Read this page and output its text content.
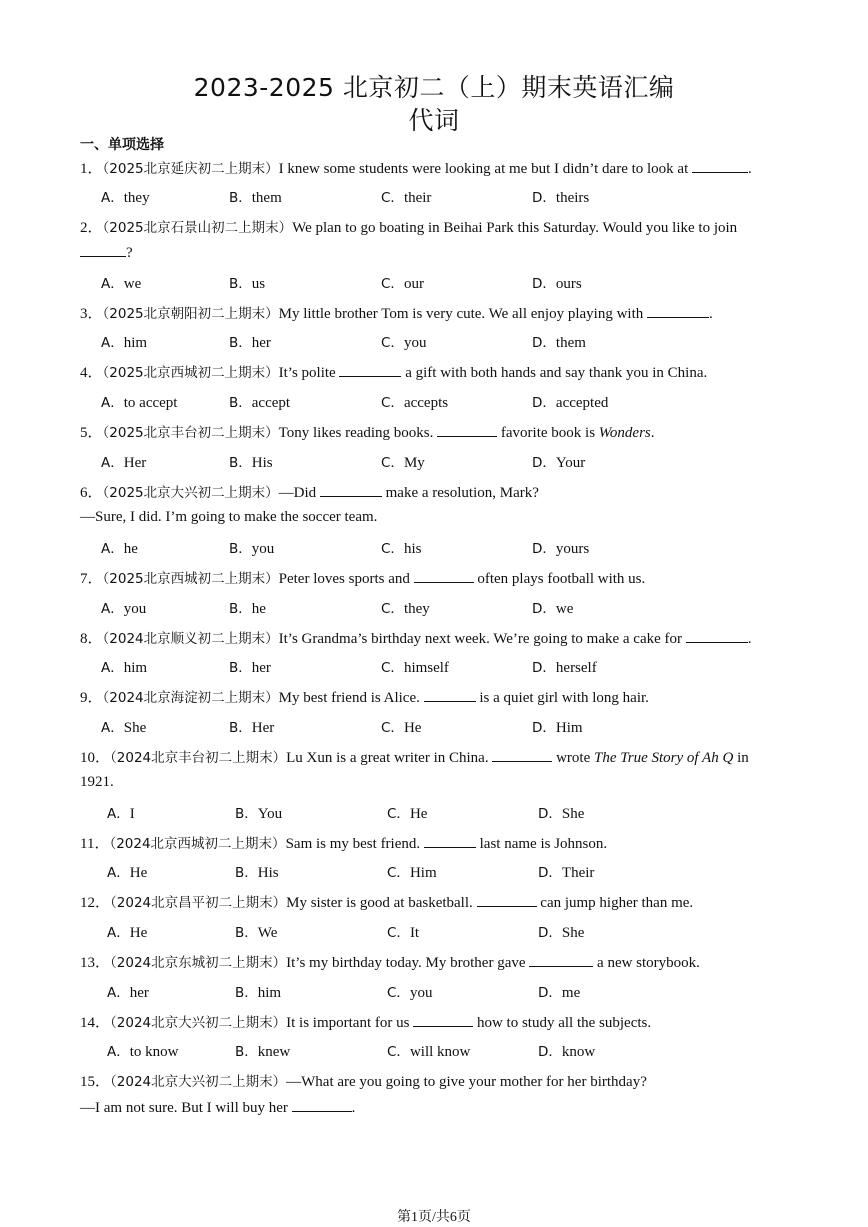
2023-2025 北京初二（上）期末英语汇编
代词
一、单项选择
1．（2025北京延庆初二上期末）I knew some students were looking at me but I didn’t dare to look at	.
A．they	B．them	C．their	D．theirs
2．（2025北京石景山初二上期末）We plan to go boating in Beihai Park this Saturday. Would you like to join
?
A．we	B．us	C．our	D．ours
3．（2025北京朝阳初二上期末）My little brother Tom is very cute. We all enjoy playing with	.
A．him	B．her	C．you	D．them
4．（2025北京西城初二上期末）It’s polite	a gift with both hands and say thank you in China.
A．to accept	B．accept	C．accepts	D．accepted
5．（2025北京丰台初二上期末）Tony likes reading books.	favorite book is Wonders.
A．Her	B．His	C．My	D．Your
6．（2025北京大兴初二上期末）—Did	make a resolution, Mark?
—Sure, I did. I’m going to make the soccer team.
A．he	B．you	C．his	D．yours
7．（2025北京西城初二上期末）Peter loves sports and	often plays football with us.
A．you	B．he	C．they	D．we
8．（2024北京顺义初二上期末）It’s Grandma’s birthday next week. We’re going to make a cake for	.
A．him	B．her	C．himself	D．herself
9．（2024北京海淀初二上期末）My best friend is Alice.	is a quiet girl with long hair.
A．She	B．Her	C．He	D．Him
10．（2024北京丰台初二上期末）Lu Xun is a great writer in China.	wrote The True Story of Ah Q in
1921.
A．I	B．You	C．He	D．She
11．（2024北京西城初二上期末）Sam is my best friend.	last name is Johnson.
A．He	B．His	C．Him	D．Their
12．（2024北京昌平初二上期末）My sister is good at basketball.	can jump higher than me.
A．He	B．We	C．It	D．She
13．（2024北京东城初二上期末）It’s my birthday today. My brother gave	a new storybook.
A．her	B．him	C．you	D．me
14．（2024北京大兴初二上期末）It is important for us	how to study all the subjects.
A．to know	B．knew	C．will know	D．know
15．（2024北京大兴初二上期末）—What are you going to give your mother for her birthday?
—I am not sure. But I will buy her	.
第1页/共6页
